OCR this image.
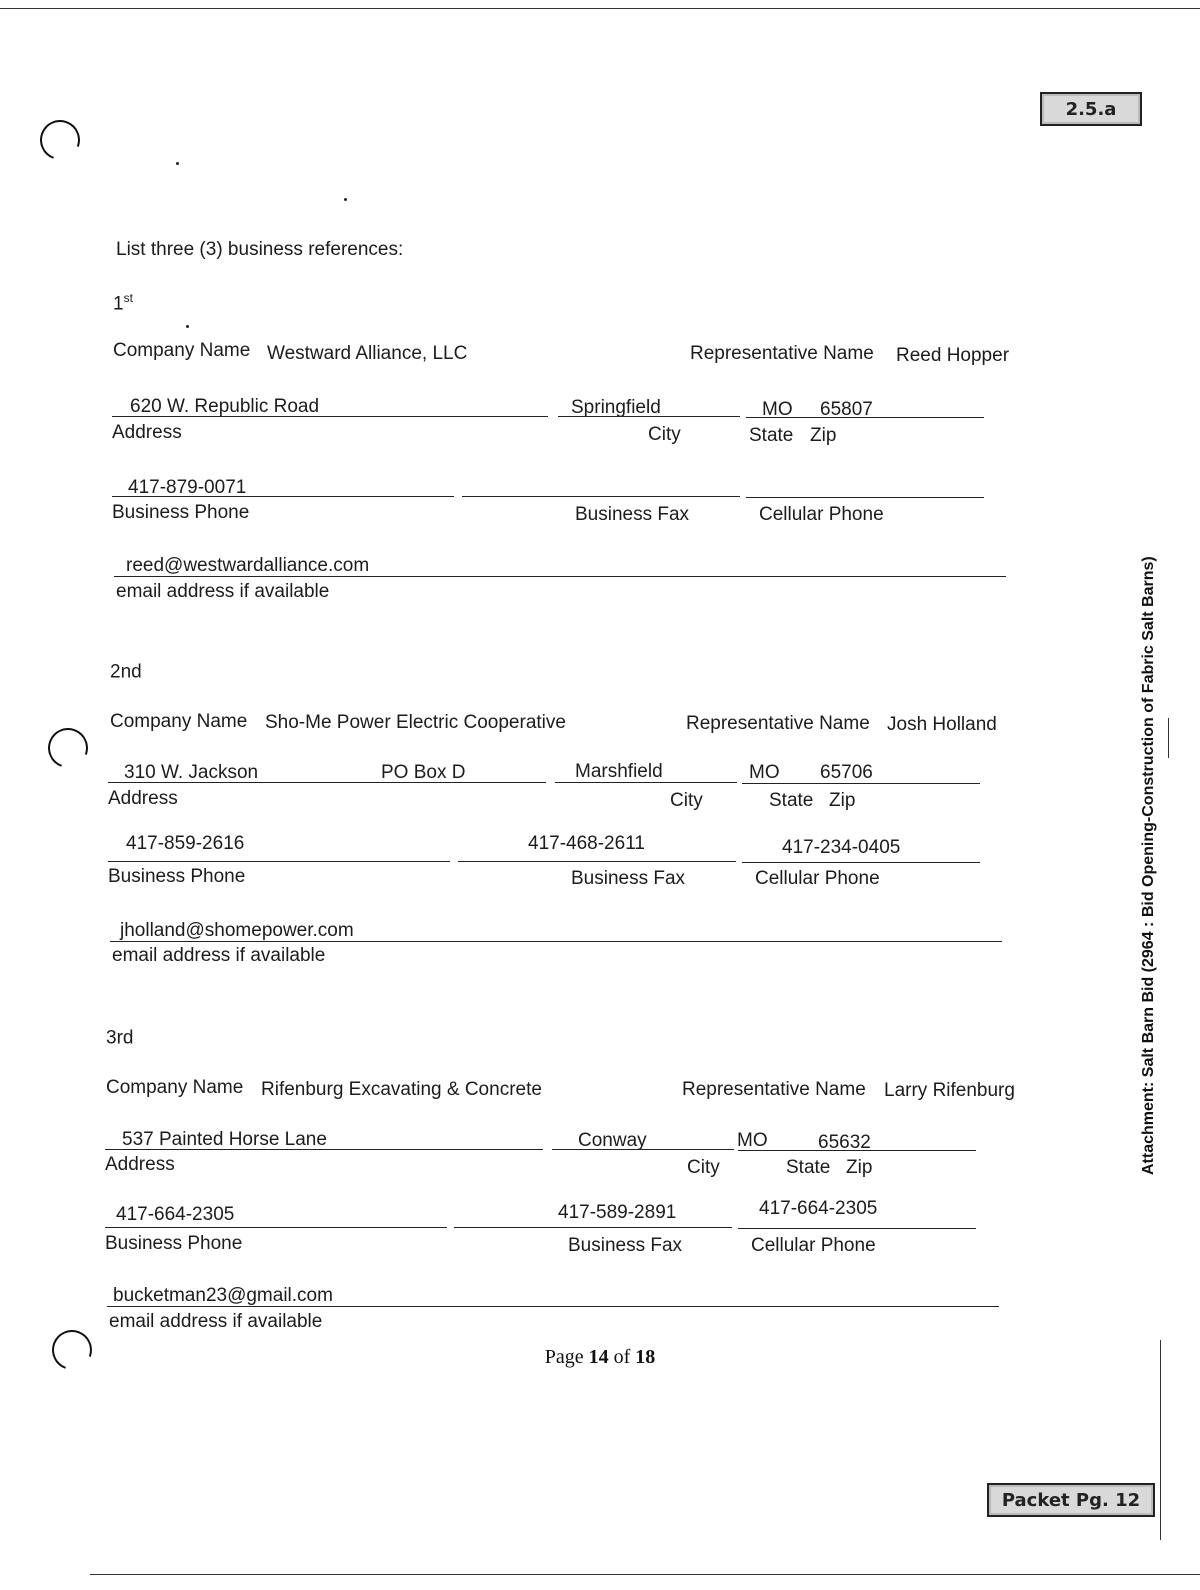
2.5.a
Packet Pg. 12
Attachment: Salt Barn Bid (2964 : Bid Opening-Construction of Fabric Salt Barns)
List three (3) business references:
1st
Company Name Westward Alliance, LLC	Representative Name Reed Hopper
620 W. Republic Road	Springfield	MO 65807
Address	City	State Zip
417-879-0071
Business Phone	Business Fax	Cellular Phone
reed@westwardalliance.com
email address if available
2nd
Company Name Sho-Me Power Electric Cooperative	Representative Name Josh Holland
310 W. Jackson	PO Box D	Marshfield	MO 65706
Address	City	State Zip
417-859-2616	417-468-2611	417-234-0405
Business Phone	Business Fax	Cellular Phone
jholland@shomepower.com
email address if available
3rd
Company Name Rifenburg Excavating & Concrete	Representative Name Larry Rifenburg
537 Painted Horse Lane	Conway	MO	65632
Address	City	State Zip
417-664-2305	417-589-2891	417-664-2305
Business Phone	Business Fax	Cellular Phone
bucketman23@gmail.com
email address if available
Page 14 of 18
